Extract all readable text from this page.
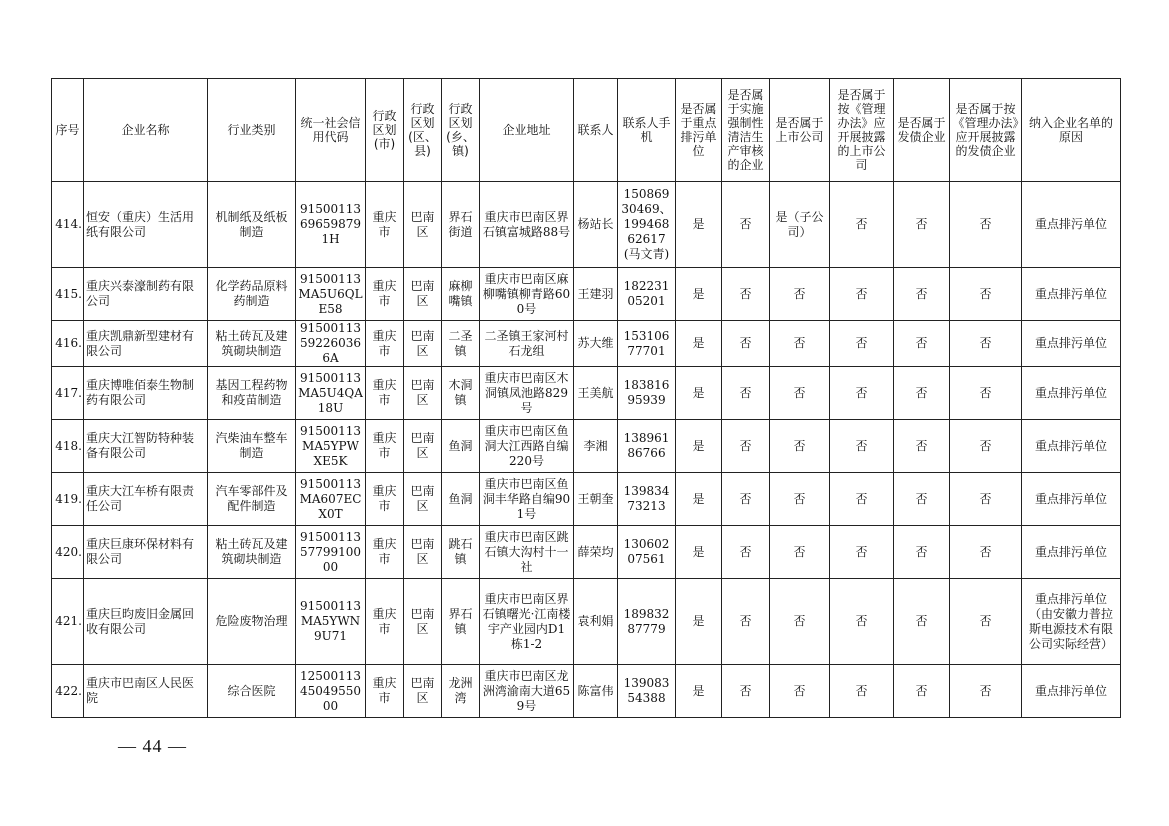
序号	企业名称	行业类别	统一社会信用代码	行政区划(市)	行政区划(区、县)	行政区划(乡、镇)	企业地址	联系人	联系人手机	是否属于重点排污单位	是否属于实施强制性清洁生产审核的企业	是否属于上市公司	是否属于按《管理办法》应开展披露的上市公司	是否属于发债企业	是否属于按《管理办法》应开展披露的发债企业	纳入企业名单的原因
414.	恒安（重庆）生活用纸有限公司	机制纸及纸板制造	91500113696598791H	重庆市	巴南区	界石街道	重庆市巴南区界石镇富城路88号	杨站长	15086930469、19946862617(马文青)	是	否	是（子公司）	否	否	否	重点排污单位
415.	重庆兴泰濠制药有限公司	化学药品原料药制造	91500113MA5U6QLE58	重庆市	巴南区	麻柳嘴镇	重庆市巴南区麻柳嘴镇柳青路600号	王建羽	18223105201	是	否	否	否	否	否	重点排污单位
416.	重庆凯鼎新型建材有限公司	粘土砖瓦及建筑砌块制造	91500113592260366A	重庆市	巴南区	二圣镇	二圣镇王家河村石龙组	苏大维	15310677701	是	否	否	否	否	否	重点排污单位
417.	重庆博唯佰泰生物制药有限公司	基因工程药物和疫苗制造	91500113MA5U4QA18U	重庆市	巴南区	木洞镇	重庆市巴南区木洞镇凤池路829号	王美航	18381695939	是	否	否	否	否	否	重点排污单位
418.	重庆大江智防特种装备有限公司	汽柴油车整车制造	91500113MA5YPWXE5K	重庆市	巴南区	鱼洞	重庆市巴南区鱼洞大江西路自编220号	李湘	13896186766	是	否	否	否	否	否	重点排污单位
419.	重庆大江车桥有限责任公司	汽车零部件及配件制造	91500113MA607ECX0T	重庆市	巴南区	鱼洞	重庆市巴南区鱼洞丰华路自编901号	王朝奎	13983473213	是	否	否	否	否	否	重点排污单位
420.	重庆巨康环保材料有限公司	粘土砖瓦及建筑砌块制造	915001135779910000	重庆市	巴南区	跳石镇	重庆市巴南区跳石镇大沟村十一社	薛荣均	13060207561	是	否	否	否	否	否	重点排污单位
421.	重庆巨昀废旧金属回收有限公司	危险废物治理	91500113MA5YWN9U71	重庆市	巴南区	界石镇	重庆市巴南区界石镇曙光·江南楼宇产业园内D1栋1-2	袁利娟	18983287779	是	否	否	否	否	否	重点排污单位（由安徽力普拉斯电源技术有限公司实际经营）
422.	重庆市巴南区人民医院	综合医院	12500113450495500​0	重庆市	巴南区	龙洲湾	重庆市巴南区龙洲湾渝南大道659号	陈富伟	13908354388	是	否	否	否	否	否	重点排污单位
— 44 —
